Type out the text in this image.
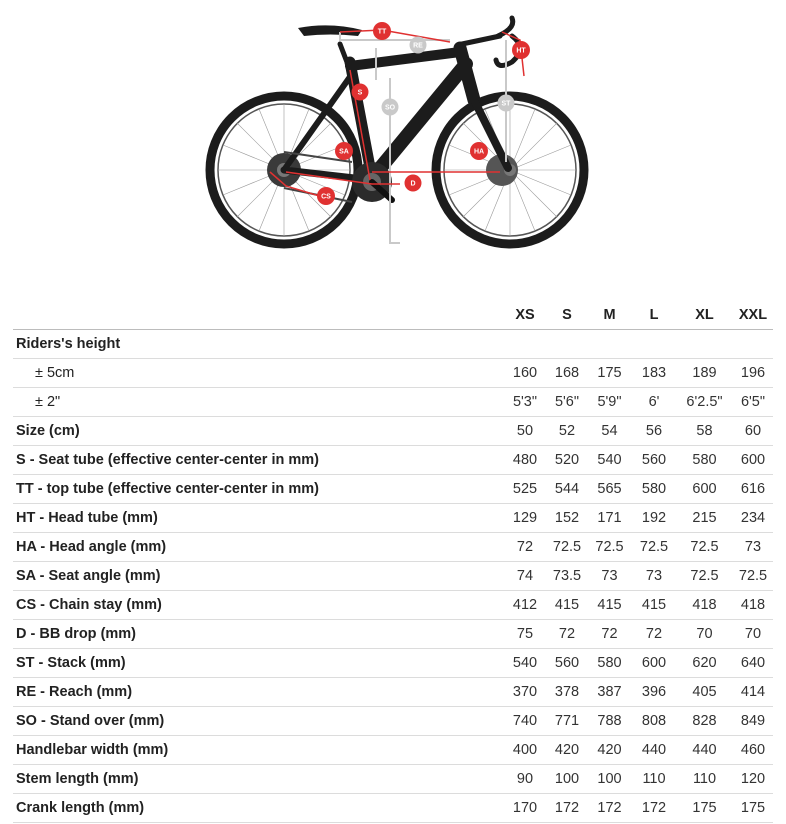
TT
RE
HT
S
SO
ST
SA	HA
D
CS
	XS	S	M	L	XL	XXL
Riders's height						
± 5cm	160	168	175	183	189	196
± 2"	5'3"	5'6"	5'9"	6'	6'2.5"	6'5"
Size (cm)	50	52	54	56	58	60
S - Seat tube (effective center-center in mm)	480	520	540	560	580	600
TT - top tube (effective center-center in mm)	525	544	565	580	600	616
HT - Head tube (mm)	129	152	171	192	215	234
HA - Head angle (mm)	72	72.5	72.5	72.5	72.5	73
SA - Seat angle (mm)	74	73.5	73	73	72.5	72.5
CS - Chain stay (mm)	412	415	415	415	418	418
D - BB drop (mm)	75	72	72	72	70	70
ST - Stack (mm)	540	560	580	600	620	640
RE - Reach (mm)	370	378	387	396	405	414
SO - Stand over (mm)	740	771	788	808	828	849
Handlebar width (mm)	400	420	420	440	440	460
Stem length (mm)	90	100	100	110	110	120
Crank length (mm)	170	172	172	172	175	175
